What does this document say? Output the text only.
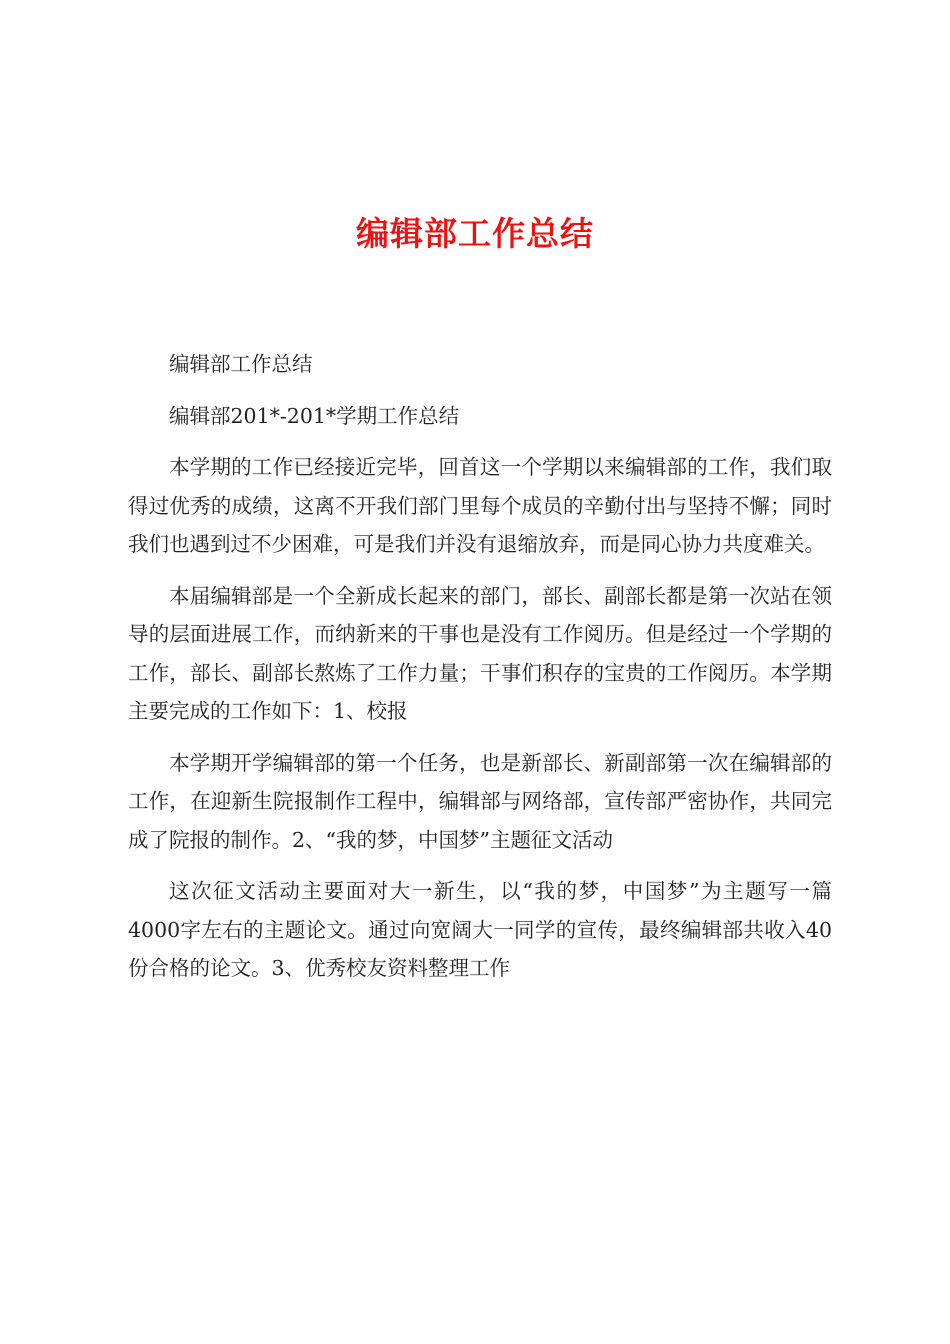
编辑部工作总结

编辑部工作总结

编辑部201*-201*学期工作总结

本学期的工作已经接近完毕，回首这一个学期以来编辑部的工作，我们取得过优秀的成绩，这离不开我们部门里每个成员的辛勤付出与坚持不懈；同时我们也遇到过不少困难，可是我们并没有退缩放弃，而是同心协力共度难关。

本届编辑部是一个全新成长起来的部门，部长、副部长都是第一次站在领导的层面进展工作，而纳新来的干事也是没有工作阅历。但是经过一个学期的工作，部长、副部长熬炼了工作力量；干事们积存的宝贵的工作阅历。本学期主要完成的工作如下：1、校报

本学期开学编辑部的第一个任务，也是新部长、新副部第一次在编辑部的工作，在迎新生院报制作工程中，编辑部与网络部，宣传部严密协作，共同完成了院报的制作。2、“我的梦，中国梦”主题征文活动

这次征文活动主要面对大一新生，以“我的梦，中国梦”为主题写一篇4000字左右的主题论文。通过向宽阔大一同学的宣传，最终编辑部共收入40份合格的论文。3、优秀校友资料整理工作
